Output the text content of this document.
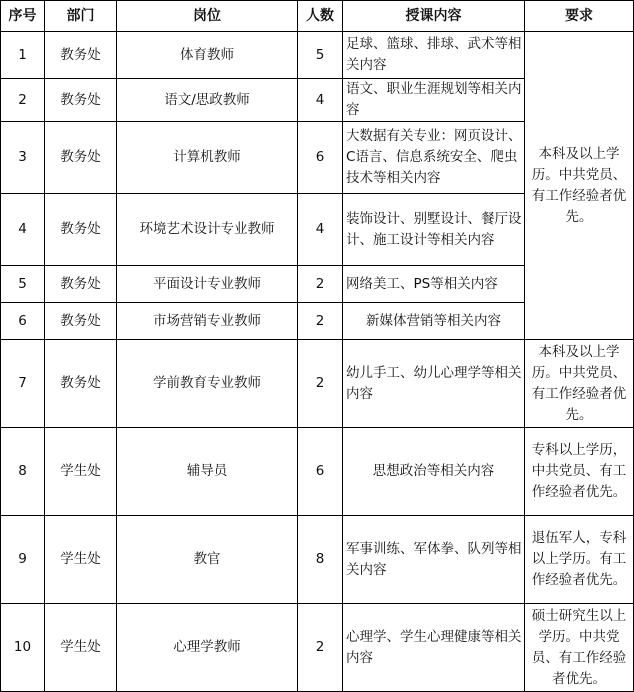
序号	部门	岗位	人数	授课内容	要求
1	教务处	体育教师	5	足球、篮球、排球、武术等相关内容	本科及以上学历。中共党员、有工作经验者优先。
2	教务处	语文/思政教师	4	语文、职业生涯规划等相关内容	
3	教务处	计算机教师	6	大数据有关专业：网页设计、C语言、信息系统安全、爬虫技术等相关内容	
4	教务处	环境艺术设计专业教师	4	装饰设计、别墅设计、餐厅设计、施工设计等相关内容	
5	教务处	平面设计专业教师	2	网络美工、PS等相关内容	
6	教务处	市场营销专业教师	2	新媒体营销等相关内容	
7	教务处	学前教育专业教师	2	幼儿手工、幼儿心理学等相关内容	本科及以上学历。中共党员、有工作经验者优先。
8	学生处	辅导员	6	思想政治等相关内容	专科以上学历，中共党员、有工作经验者优先。
9	学生处	教官	8	军事训练、军体拳、队列等相关内容	退伍军人，专科以上学历。有工作经验者优先。
10	学生处	心理学教师	2	心理学、学生心理健康等相关内容	硕士研究生以上学历。中共党员、有工作经验者优先。
